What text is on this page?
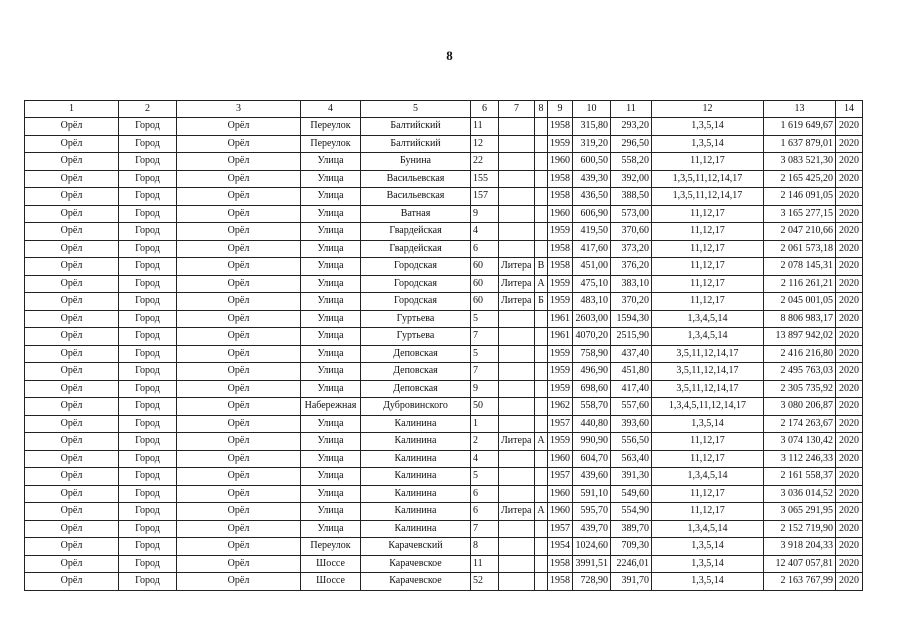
8
1	2	3	4	5	6	7	8	9	10	11	12	13	14
Орёл	Город	Орёл	Переулок	Балтийский	11			1958	315,80	293,20	1,3,5,14	1 619 649,67	2020
Орёл	Город	Орёл	Переулок	Балтийский	12			1959	319,20	296,50	1,3,5,14	1 637 879,01	2020
Орёл	Город	Орёл	Улица	Бунина	22			1960	600,50	558,20	11,12,17	3 083 521,30	2020
Орёл	Город	Орёл	Улица	Васильевская	155			1958	439,30	392,00	1,3,5,11,12,14,17	2 165 425,20	2020
Орёл	Город	Орёл	Улица	Васильевская	157			1958	436,50	388,50	1,3,5,11,12,14,17	2 146 091,05	2020
Орёл	Город	Орёл	Улица	Ватная	9			1960	606,90	573,00	11,12,17	3 165 277,15	2020
Орёл	Город	Орёл	Улица	Гвардейская	4			1959	419,50	370,60	11,12,17	2 047 210,66	2020
Орёл	Город	Орёл	Улица	Гвардейская	6			1958	417,60	373,20	11,12,17	2 061 573,18	2020
Орёл	Город	Орёл	Улица	Городская	60	Литера	В	1958	451,00	376,20	11,12,17	2 078 145,31	2020
Орёл	Город	Орёл	Улица	Городская	60	Литера	А	1959	475,10	383,10	11,12,17	2 116 261,21	2020
Орёл	Город	Орёл	Улица	Городская	60	Литера	Б	1959	483,10	370,20	11,12,17	2 045 001,05	2020
Орёл	Город	Орёл	Улица	Гуртьева	5			1961	2603,00	1594,30	1,3,4,5,14	8 806 983,17	2020
Орёл	Город	Орёл	Улица	Гуртьева	7			1961	4070,20	2515,90	1,3,4,5,14	13 897 942,02	2020
Орёл	Город	Орёл	Улица	Деповская	5			1959	758,90	437,40	3,5,11,12,14,17	2 416 216,80	2020
Орёл	Город	Орёл	Улица	Деповская	7			1959	496,90	451,80	3,5,11,12,14,17	2 495 763,03	2020
Орёл	Город	Орёл	Улица	Деповская	9			1959	698,60	417,40	3,5,11,12,14,17	2 305 735,92	2020
Орёл	Город	Орёл	Набережная	Дубровинского	50			1962	558,70	557,60	1,3,4,5,11,12,14,17	3 080 206,87	2020
Орёл	Город	Орёл	Улица	Калинина	1			1957	440,80	393,60	1,3,5,14	2 174 263,67	2020
Орёл	Город	Орёл	Улица	Калинина	2	Литера	А	1959	990,90	556,50	11,12,17	3 074 130,42	2020
Орёл	Город	Орёл	Улица	Калинина	4			1960	604,70	563,40	11,12,17	3 112 246,33	2020
Орёл	Город	Орёл	Улица	Калинина	5			1957	439,60	391,30	1,3,4,5,14	2 161 558,37	2020
Орёл	Город	Орёл	Улица	Калинина	6			1960	591,10	549,60	11,12,17	3 036 014,52	2020
Орёл	Город	Орёл	Улица	Калинина	6	Литера	А	1960	595,70	554,90	11,12,17	3 065 291,95	2020
Орёл	Город	Орёл	Улица	Калинина	7			1957	439,70	389,70	1,3,4,5,14	2 152 719,90	2020
Орёл	Город	Орёл	Переулок	Карачевский	8			1954	1024,60	709,30	1,3,5,14	3 918 204,33	2020
Орёл	Город	Орёл	Шоссе	Карачевское	11			1958	3991,51	2246,01	1,3,5,14	12 407 057,81	2020
Орёл	Город	Орёл	Шоссе	Карачевское	52			1958	728,90	391,70	1,3,5,14	2 163 767,99	2020
